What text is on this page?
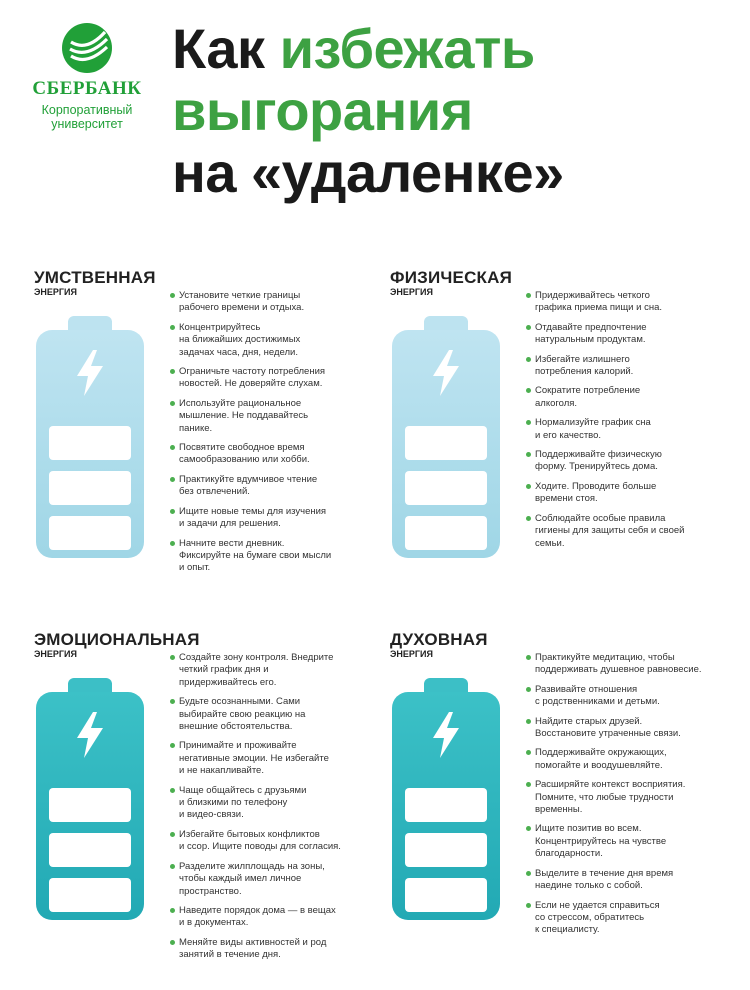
СБЕРБАНК
Корпоративный
университет
Как избежать
выгорания
на «удаленке»
УМСТВЕННАЯ
ЭНЕРГИЯ	Установите четкие границы
рабочего времени и отдыха.
Концентрируйтесь
на ближайших достижимых
задачах часа, дня, недели.
Ограничьте частоту потребления
новостей. Не доверяйте слухам.
Используйте рациональное
мышление. Не поддавайтесь
панике.
Посвятите свободное время
самообразованию или хобби.
Практикуйте вдумчивое чтение
без отвлечений.
Ищите новые темы для изучения
и задачи для решения.
Начните вести дневник.
Фиксируйте на бумаге свои мысли
и опыт.
ФИЗИЧЕСКАЯ
ЭНЕРГИЯ	Придерживайтесь четкого
графика приема пищи и сна.
Отдавайте предпочтение
натуральным продуктам.
Избегайте излишнего
потребления калорий.
Сократите потребление
алкоголя.
Нормализуйте график сна
и его качество.
Поддерживайте физическую
форму. Тренируйтесь дома.
Ходите. Проводите больше
времени стоя.
Соблюдайте особые правила
гигиены для защиты себя и своей
семьи.
ЭМОЦИОНАЛЬНАЯ
ЭНЕРГИЯ	Создайте зону контроля. Внедрите
четкий график дня и
придерживайтесь его.
Будьте осознанными. Сами
выбирайте свою реакцию на
внешние обстоятельства.
Принимайте и проживайте
негативные эмоции. Не избегайте
и не накапливайте.
Чаще общайтесь с друзьями
и близкими по телефону
и видео-связи.
Избегайте бытовых конфликтов
и ссор. Ищите поводы для согласия.
Разделите жилплощадь на зоны,
чтобы каждый имел личное
пространство.
Наведите порядок дома — в вещах
и в документах.
Меняйте виды активностей и род
занятий в течение дня.
ДУХОВНАЯ
ЭНЕРГИЯ	Практикуйте медитацию, чтобы
поддерживать душевное равновесие.
Развивайте отношения
с родственниками и детьми.
Найдите старых друзей.
Восстановите утраченные связи.
Поддерживайте окружающих,
помогайте и воодушевляйте.
Расширяйте контекст восприятия.
Помните, что любые трудности
временны.
Ищите позитив во всем.
Концентрируйтесь на чувстве
благодарности.
Выделите в течение дня время
наедине только с собой.
Если не удается справиться
со стрессом, обратитесь
к специалисту.
